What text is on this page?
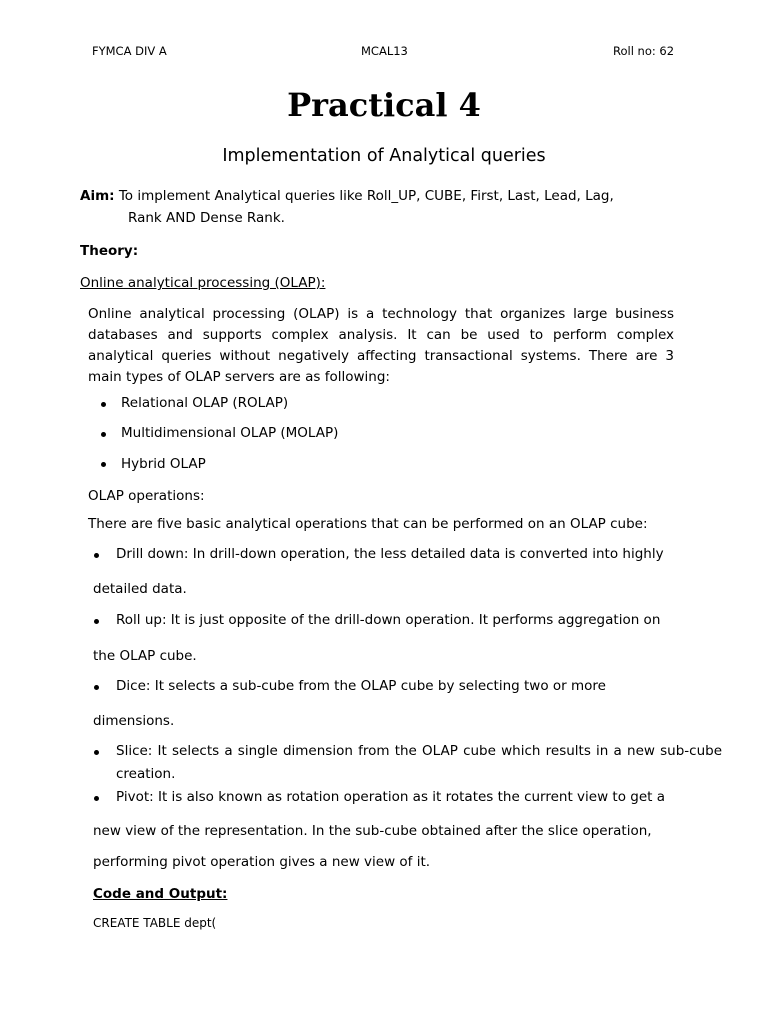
FYMCA DIV A	MCAL13	Roll no: 62
Practical 4
Implementation of Analytical queries
Aim: To implement Analytical queries like Roll_UP, CUBE, First, Last, Lead, Lag,
Rank AND Dense Rank.
Theory:
Online analytical processing (OLAP):
Online analytical processing (OLAP) is a technology that organizes large business databases and supports complex analysis. It can be used to perform complex analytical queries without negatively affecting transactional systems. There are 3 main types of OLAP servers are as following:
Relational OLAP (ROLAP)
Multidimensional OLAP (MOLAP)
Hybrid OLAP
OLAP operations:
There are five basic analytical operations that can be performed on an OLAP cube:
Drill down: In drill-down operation, the less detailed data is converted into highly
detailed data.
Roll up: It is just opposite of the drill-down operation. It performs aggregation on
the OLAP cube.
Dice: It selects a sub-cube from the OLAP cube by selecting two or more
dimensions.
Slice: It selects a single dimension from the OLAP cube which results in a new sub-cube
creation.
Pivot: It is also known as rotation operation as it rotates the current view to get a
new view of the representation. In the sub-cube obtained after the slice operation,
performing pivot operation gives a new view of it.
Code and Output:
CREATE TABLE dept(
